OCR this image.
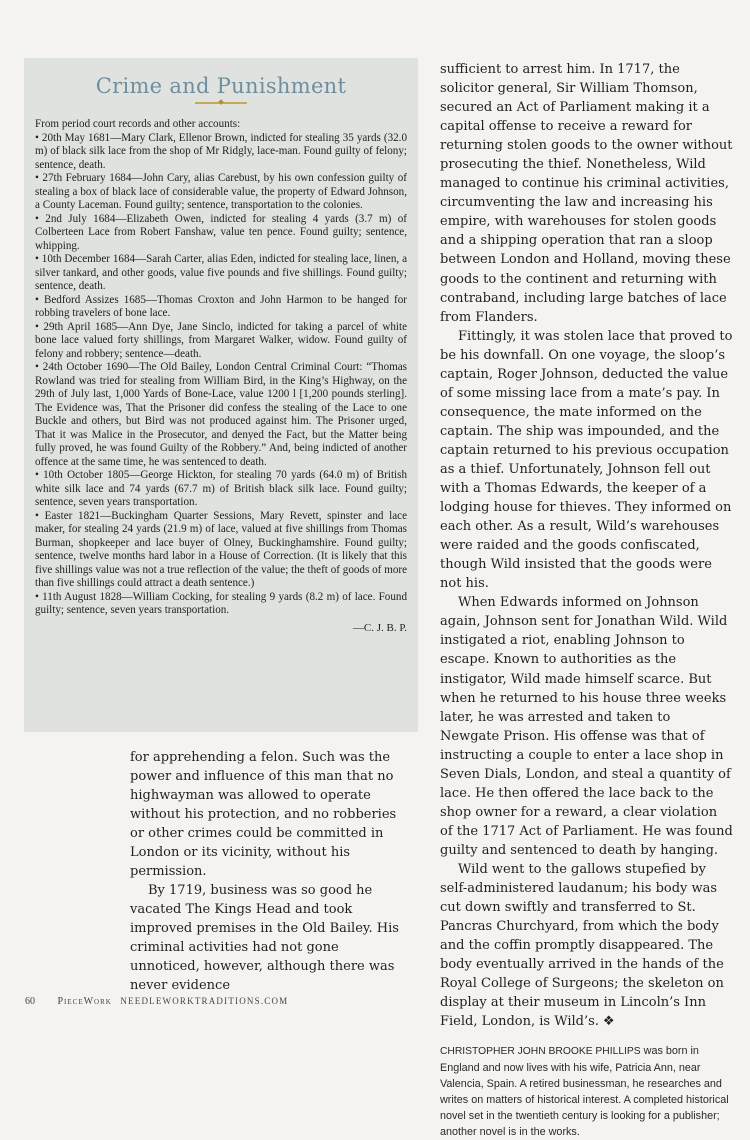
Crime and Punishment

From period court records and other accounts:

• 20th May 1681—Mary Clark, Ellenor Brown, indicted for stealing 35 yards (32.0 m) of black silk lace from the shop of Mr Ridgly, lace-man. Found guilty of felony; sentence, death.

• 27th February 1684—John Cary, alias Carebust, by his own confession guilty of stealing a box of black lace of considerable value, the property of Edward Johnson, a County Laceman. Found guilty; sentence, transportation to the colonies.

• 2nd July 1684—Elizabeth Owen, indicted for stealing 4 yards (3.7 m) of Colberteen Lace from Robert Fanshaw, value ten pence. Found guilty; sentence, whipping.

• 10th December 1684—Sarah Carter, alias Eden, indicted for stealing lace, linen, a silver tankard, and other goods, value five pounds and five shillings. Found guilty; sentence, death.

• Bedford Assizes 1685—Thomas Croxton and John Harmon to be hanged for robbing travelers of bone lace.

• 29th April 1685—Ann Dye, Jane Sinclo, indicted for taking a parcel of white bone lace valued forty shillings, from Margaret Walker, widow. Found guilty of felony and robbery; sentence—death.

• 24th October 1690—The Old Bailey, London Central Criminal Court: “Thomas Rowland was tried for stealing from William Bird, in the King’s Highway, on the 29th of July last, 1,000 Yards of Bone-Lace, value 1200 l [1,200 pounds sterling]. The Evidence was, That the Prisoner did confess the stealing of the Lace to one Buckle and others, but Bird was not produced against him. The Prisoner urged, That it was Malice in the Prosecutor, and denyed the Fact, but the Matter being fully proved, he was found Guilty of the Robbery.” And, being indicted of another offence at the same time, he was sentenced to death.

• 10th October 1805—George Hickton, for stealing 70 yards (64.0 m) of British white silk lace and 74 yards (67.7 m) of British black silk lace. Found guilty; sentence, seven years transportation.

• Easter 1821—Buckingham Quarter Sessions, Mary Revett, spinster and lace maker, for stealing 24 yards (21.9 m) of lace, valued at five shillings from Thomas Burman, shopkeeper and lace buyer of Olney, Buckinghamshire. Found guilty; sentence, twelve months hard labor in a House of Correction. (It is likely that this five shillings value was not a true reflection of the value; the theft of goods of more than five shillings could attract a death sentence.)

• 11th August 1828—William Cocking, for stealing 9 yards (8.2 m) of lace. Found guilty; sentence, seven years transportation.

—C. J. B. P.

for apprehending a felon. Such was the power and influence of this man that no highwayman was allowed to operate without his protection, and no robberies or other crimes could be committed in London or its vicinity, without his permission.

By 1719, business was so good he vacated The Kings Head and took improved premises in the Old Bailey. His criminal activities had not gone unnoticed, however, although there was never evidence

sufficient to arrest him. In 1717, the solicitor general, Sir William Thomson, secured an Act of Parliament making it a capital offense to receive a reward for returning stolen goods to the owner without prosecuting the thief. Nonetheless, Wild managed to continue his criminal activities, circumventing the law and increasing his empire, with warehouses for stolen goods and a shipping operation that ran a sloop between London and Holland, moving these goods to the continent and returning with contraband, including large batches of lace from Flanders.

Fittingly, it was stolen lace that proved to be his downfall. On one voyage, the sloop’s captain, Roger Johnson, deducted the value of some missing lace from a mate’s pay. In consequence, the mate informed on the captain. The ship was impounded, and the captain returned to his previous occupation as a thief. Unfortunately, Johnson fell out with a Thomas Edwards, the keeper of a lodging house for thieves. They informed on each other. As a result, Wild’s warehouses were raided and the goods confiscated, though Wild insisted that the goods were not his.

When Edwards informed on Johnson again, Johnson sent for Jonathan Wild. Wild instigated a riot, enabling Johnson to escape. Known to authorities as the instigator, Wild made himself scarce. But when he returned to his house three weeks later, he was arrested and taken to Newgate Prison. His offense was that of instructing a couple to enter a lace shop in Seven Dials, London, and steal a quantity of lace. He then offered the lace back to the shop owner for a reward, a clear violation of the 1717 Act of Parliament. He was found guilty and sentenced to death by hanging.

Wild went to the gallows stupefied by self-administered laudanum; his body was cut down swiftly and transferred to St. Pancras Churchyard, from which the body and the coffin promptly disappeared. The body eventually arrived in the hands of the Royal College of Surgeons; the skeleton on display at their museum in Lincoln’s Inn Field, London, is Wild’s. ❖

CHRISTOPHER JOHN BROOKE PHILLIPS was born in England and now lives with his wife, Patricia Ann, near Valencia, Spain. A retired businessman, he researches and writes on matters of historical interest. A completed historical novel set in the twentieth century is looking for a publisher; another novel is in the works.
60 PieceWork NEEDLEWORKTRADITIONS.COM
